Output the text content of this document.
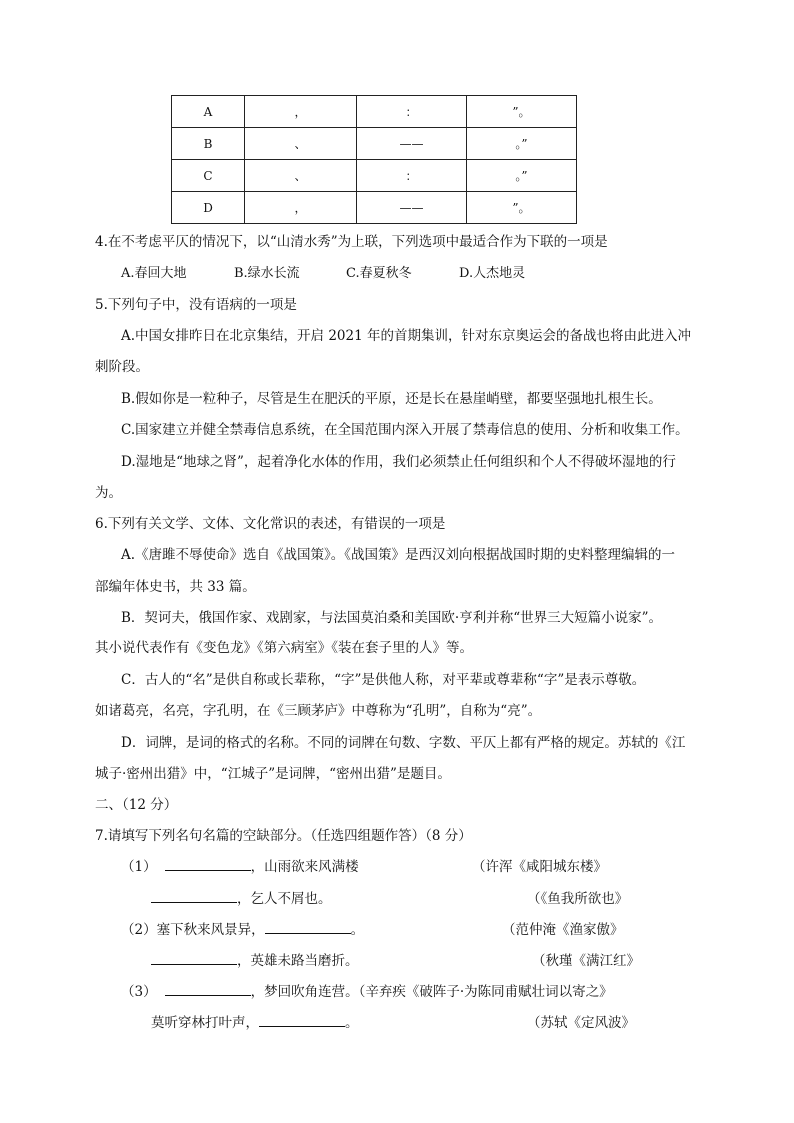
A	，	：	”。
B	、	——	。”
C	、	：	。”
D	，	——	”。
4.在不考虑平仄的情况下，以“山清水秀”为上联，下列选项中最适合作为下联的一项是
A.春回大地	B.绿水长流	C.春夏秋冬	D.人杰地灵
5.下列句子中，没有语病的一项是
A.中国女排昨日在北京集结，开启 2021 年的首期集训，针对东京奥运会的备战也将由此进入冲
刺阶段。
B.假如你是一粒种子，尽管是生在肥沃的平原，还是长在悬崖峭壁，都要坚强地扎根生长。
C.国家建立并健全禁毒信息系统，在全国范围内深入开展了禁毒信息的使用、分析和收集工作。
D.湿地是“地球之肾”，起着净化水体的作用，我们必须禁止任何组织和个人不得破坏湿地的行
为。
6.下列有关文学、文体、文化常识的表述，有错误的一项是
A.《唐雎不辱使命》选自《战国策》。《战国策》是西汉刘向根据战国时期的史料整理编辑的一
部编年体史书，共 33 篇。
B．契诃夫，俄国作家、戏剧家，与法国莫泊桑和美国欧·亨利并称“世界三大短篇小说家”。
其小说代表作有《变色龙》《第六病室》《装在套子里的人》等。
C．古人的“名”是供自称或长辈称，“字”是供他人称，对平辈或尊辈称“字”是表示尊敬。
如诸葛亮，名亮，字孔明，在《三顾茅庐》中尊称为“孔明”，自称为“亮”。
D．词牌，是词的格式的名称。不同的词牌在句数、字数、平仄上都有严格的规定。苏轼的《江
城子·密州出猎》中，“江城子”是词牌，“密州出猎”是题目。
二、（12 分）
7.请填写下列名句名篇的空缺部分。（任选四组题作答）（8 分）
（1）	，山雨欲来风满楼	（许浑《咸阳城东楼》
，乞人不屑也。	（《鱼我所欲也》
（2）塞下秋来风景异，	。	（范仲淹《渔家傲》
，英雄未路当磨折。	（秋瑾《满江红》
（3）	，梦回吹角连营。（辛弃疾《破阵子·为陈同甫赋壮词以寄之》
莫听穿林打叶声，	。	（苏轼《定风波》
